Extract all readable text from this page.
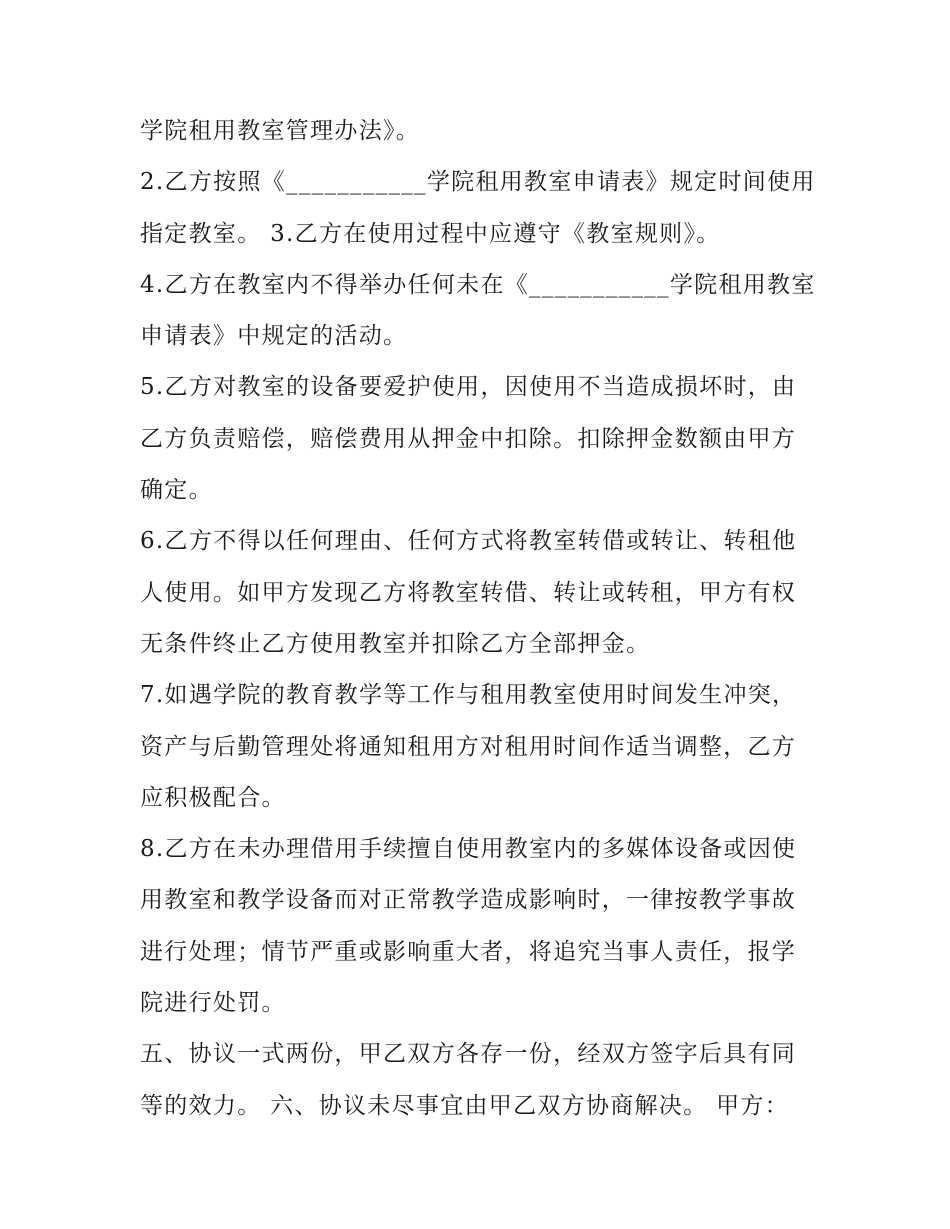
学院租用教室管理办法》。
2.乙方按照《___________学院租用教室申请表》规定时间使用
指定教室。 3.乙方在使用过程中应遵守《教室规则》。
4.乙方在教室内不得举办任何未在《___________学院租用教室
申请表》中规定的活动。
5.乙方对教室的设备要爱护使用，因使用不当造成损坏时，由
乙方负责赔偿，赔偿费用从押金中扣除。扣除押金数额由甲方
确定。
6.乙方不得以任何理由、任何方式将教室转借或转让、转租他
人使用。如甲方发现乙方将教室转借、转让或转租，甲方有权
无条件终止乙方使用教室并扣除乙方全部押金。
7.如遇学院的教育教学等工作与租用教室使用时间发生冲突，
资产与后勤管理处将通知租用方对租用时间作适当调整，乙方
应积极配合。
8.乙方在未办理借用手续擅自使用教室内的多媒体设备或因使
用教室和教学设备而对正常教学造成影响时，一律按教学事故
进行处理；情节严重或影响重大者，将追究当事人责任，报学
院进行处罚。
五、协议一式两份，甲乙双方各存一份，经双方签字后具有同
等的效力。 六、协议未尽事宜由甲乙双方协商解决。 甲方：
